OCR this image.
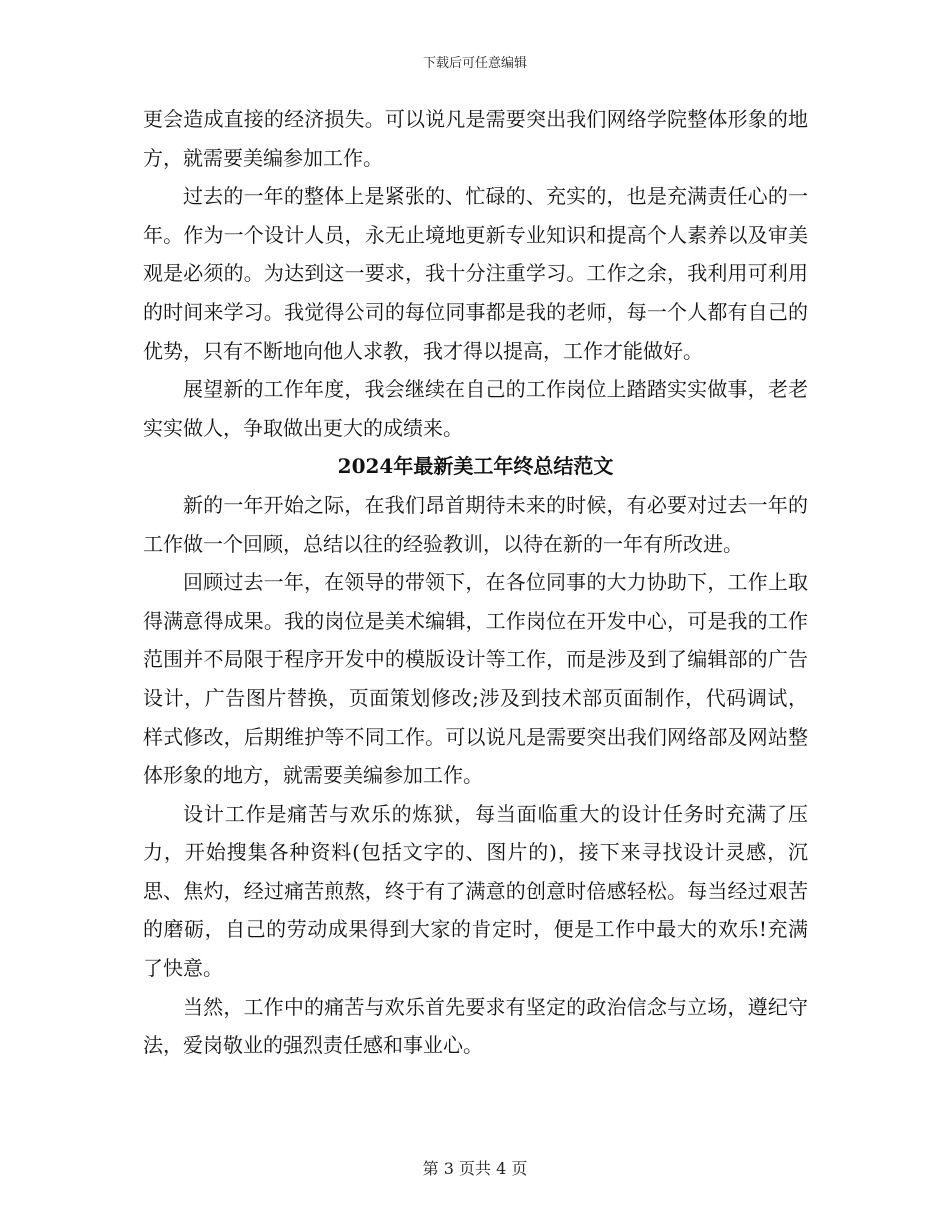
下载后可任意编辑

更会造成直接的经济损失。可以说凡是需要突出我们网络学院整体形象的地方，就需要美编参加工作。

过去的一年的整体上是紧张的、忙碌的、充实的，也是充满责任心的一年。作为一个设计人员，永无止境地更新专业知识和提高个人素养以及审美观是必须的。为达到这一要求，我十分注重学习。工作之余，我利用可利用的时间来学习。我觉得公司的每位同事都是我的老师，每一个人都有自己的优势，只有不断地向他人求教，我才得以提高，工作才能做好。

展望新的工作年度，我会继续在自己的工作岗位上踏踏实实做事，老老实实做人，争取做出更大的成绩来。

2024年最新美工年终总结范文

新的一年开始之际，在我们昂首期待未来的时候，有必要对过去一年的工作做一个回顾，总结以往的经验教训，以待在新的一年有所改进。

回顾过去一年，在领导的带领下，在各位同事的大力协助下，工作上取得满意得成果。我的岗位是美术编辑，工作岗位在开发中心，可是我的工作范围并不局限于程序开发中的模版设计等工作，而是涉及到了编辑部的广告设计，广告图片替换，页面策划修改;涉及到技术部页面制作，代码调试，样式修改，后期维护等不同工作。可以说凡是需要突出我们网络部及网站整体形象的地方，就需要美编参加工作。

设计工作是痛苦与欢乐的炼狱，每当面临重大的设计任务时充满了压力，开始搜集各种资料(包括文字的、图片的)，接下来寻找设计灵感，沉思、焦灼，经过痛苦煎熬，终于有了满意的创意时倍感轻松。每当经过艰苦的磨砺，自己的劳动成果得到大家的肯定时，便是工作中最大的欢乐!充满了快意。

当然，工作中的痛苦与欢乐首先要求有坚定的政治信念与立场，遵纪守法，爱岗敬业的强烈责任感和事业心。

第 3 页共 4 页
